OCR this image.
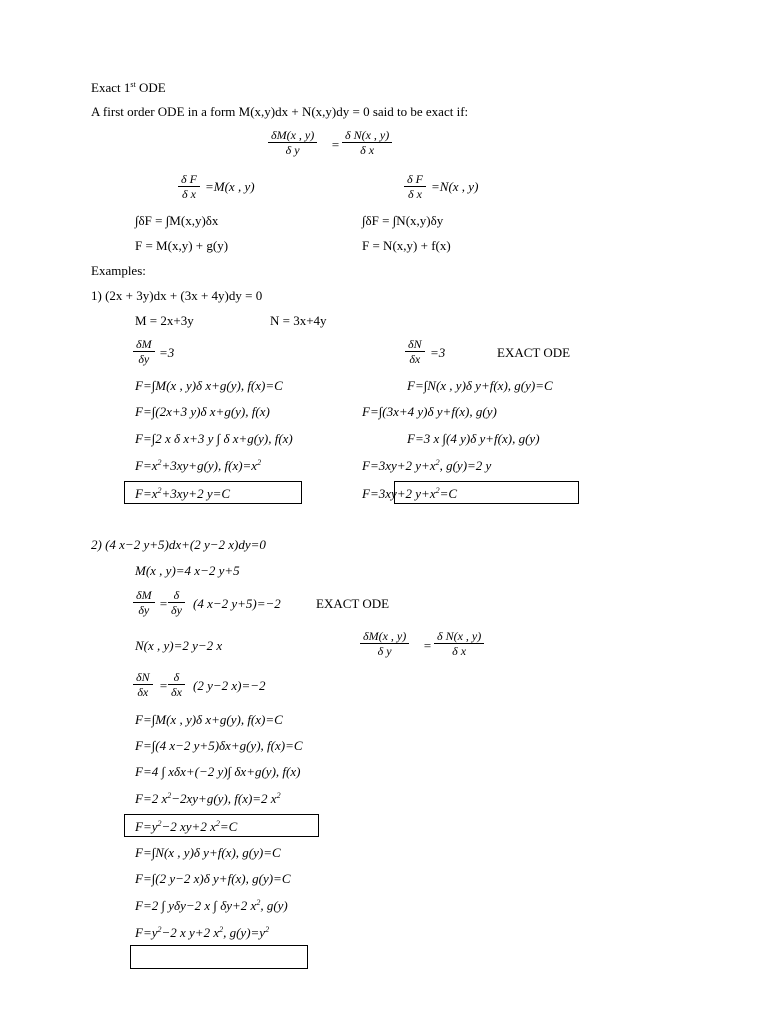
Exact 1st ODE
A first order ODE in a form M(x,y)dx + N(x,y)dy = 0 said to be exact if:
$\frac{\delta M(x , y)}{\text{δ y}} = \frac{\text{δ N(x , y)}}{\text{δ x}}$
$\frac{\text{δ F}}{\text{δ x}} =M(x$ , y)	$\frac{\text{δ F}}{\text{δ x}} =N(x$ , y)
∫δF = ∫M(x,y)δx	∫δF = ∫N(x,y)δy
F = M(x,y) + g(y)	F = N(x,y) + f(x)
Examples:
1) (2x + 3y)dx + (3x + 4y)dy = 0
M = 2x+3y	N = 3x+4y
$\frac{\delta M}{\delta y} =3$	$\frac{\delta N}{\delta x} =3$	EXACT ODE
F=∫M(x , y)δ x+g(y), f(x)=C	F=∫N(x , y)δ y+f(x), g(y)=C
F=∫(2x+3 y)δ x+g(y), f(x)	F=∫(3x+4 y)δ y+f(x), g(y)
F=∫2 x δ x+3 y ∫ δ x+g(y), f(x)	F=3 x ∫(4 y)δ y+f(x), g(y)
$F=x^2+3xy+g(y)$, $f(x)=x^2$	F=3xy+2 $y+x^2$, g(y)=2 y
$F=x^2+3xy+2$ y=C	F=3xy+2 $y+x^2=C$
2) (4 x−2 y+5)dx+(2 y−2 x)dy=0
M(x , y)=4 x−2 y+5
$\frac{\delta M}{\delta y} = \frac{\delta}{\delta y} (4$ x−2 y+5)=−2	EXACT ODE
N(x , y)=2 y−2 x	$\frac{\delta M(x , y)}{\text{δ y}} = \frac{\text{δ N(x , y)}}{\text{δ x}}$
$\frac{\delta N}{\delta x} = \frac{\delta}{\delta x} (2$ y−2 x)=−2
F=∫M(x , y)δ x+g(y), f(x)=C
F=∫(4 x−2 y+5)δx+g(y), f(x)=C
F=4 ∫ xδx+(−2 y)∫ δx+g(y), f(x)
F=2 $x^2-2xy+g(y)$, f(x)=2 $x^2$
$F=y^2-2$ xy+2 $x^2=C$
F=∫N(x , y)δ y+f(x), g(y)=C
F=∫(2 y−2 x)δ y+f(x), g(y)=C
F=2 ∫ yδy−2 x ∫ δy+2 $x^2$, g(y)
$F=y^2-2$ x y+2 $x^2$, $g(y)=y^2$
